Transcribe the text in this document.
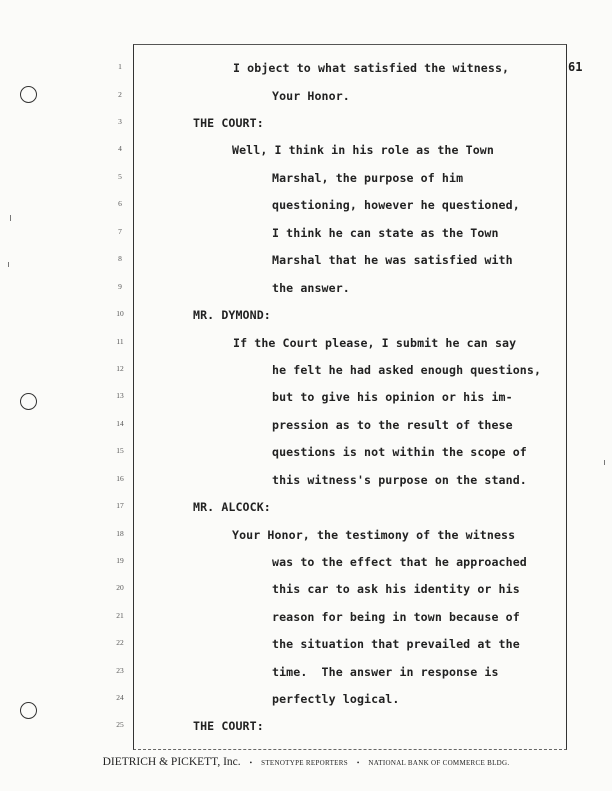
61
1
2
3
4
5
6
7
8
9
10
11
12
13
14
15
16
17
18
19
20
21
22
23
24
25
I object to what satisfied the witness,
Your Honor.
THE COURT:
Well, I think in his role as the Town
Marshal, the purpose of him
questioning, however he questioned,
I think he can state as the Town
Marshal that he was satisfied with
the answer.
MR. DYMOND:
If the Court please, I submit he can say
he felt he had asked enough questions,
but to give his opinion or his im-
pression as to the result of these
questions is not within the scope of
this witness's purpose on the stand.
MR. ALCOCK:
Your Honor, the testimony of the witness
was to the effect that he approached
this car to ask his identity or his
reason for being in town because of
the situation that prevailed at the
time.  The answer in response is
perfectly logical.
THE COURT:
DIETRICH & PICKETT, Inc. • STENOTYPE REPORTERS • NATIONAL BANK OF COMMERCE BLDG.
